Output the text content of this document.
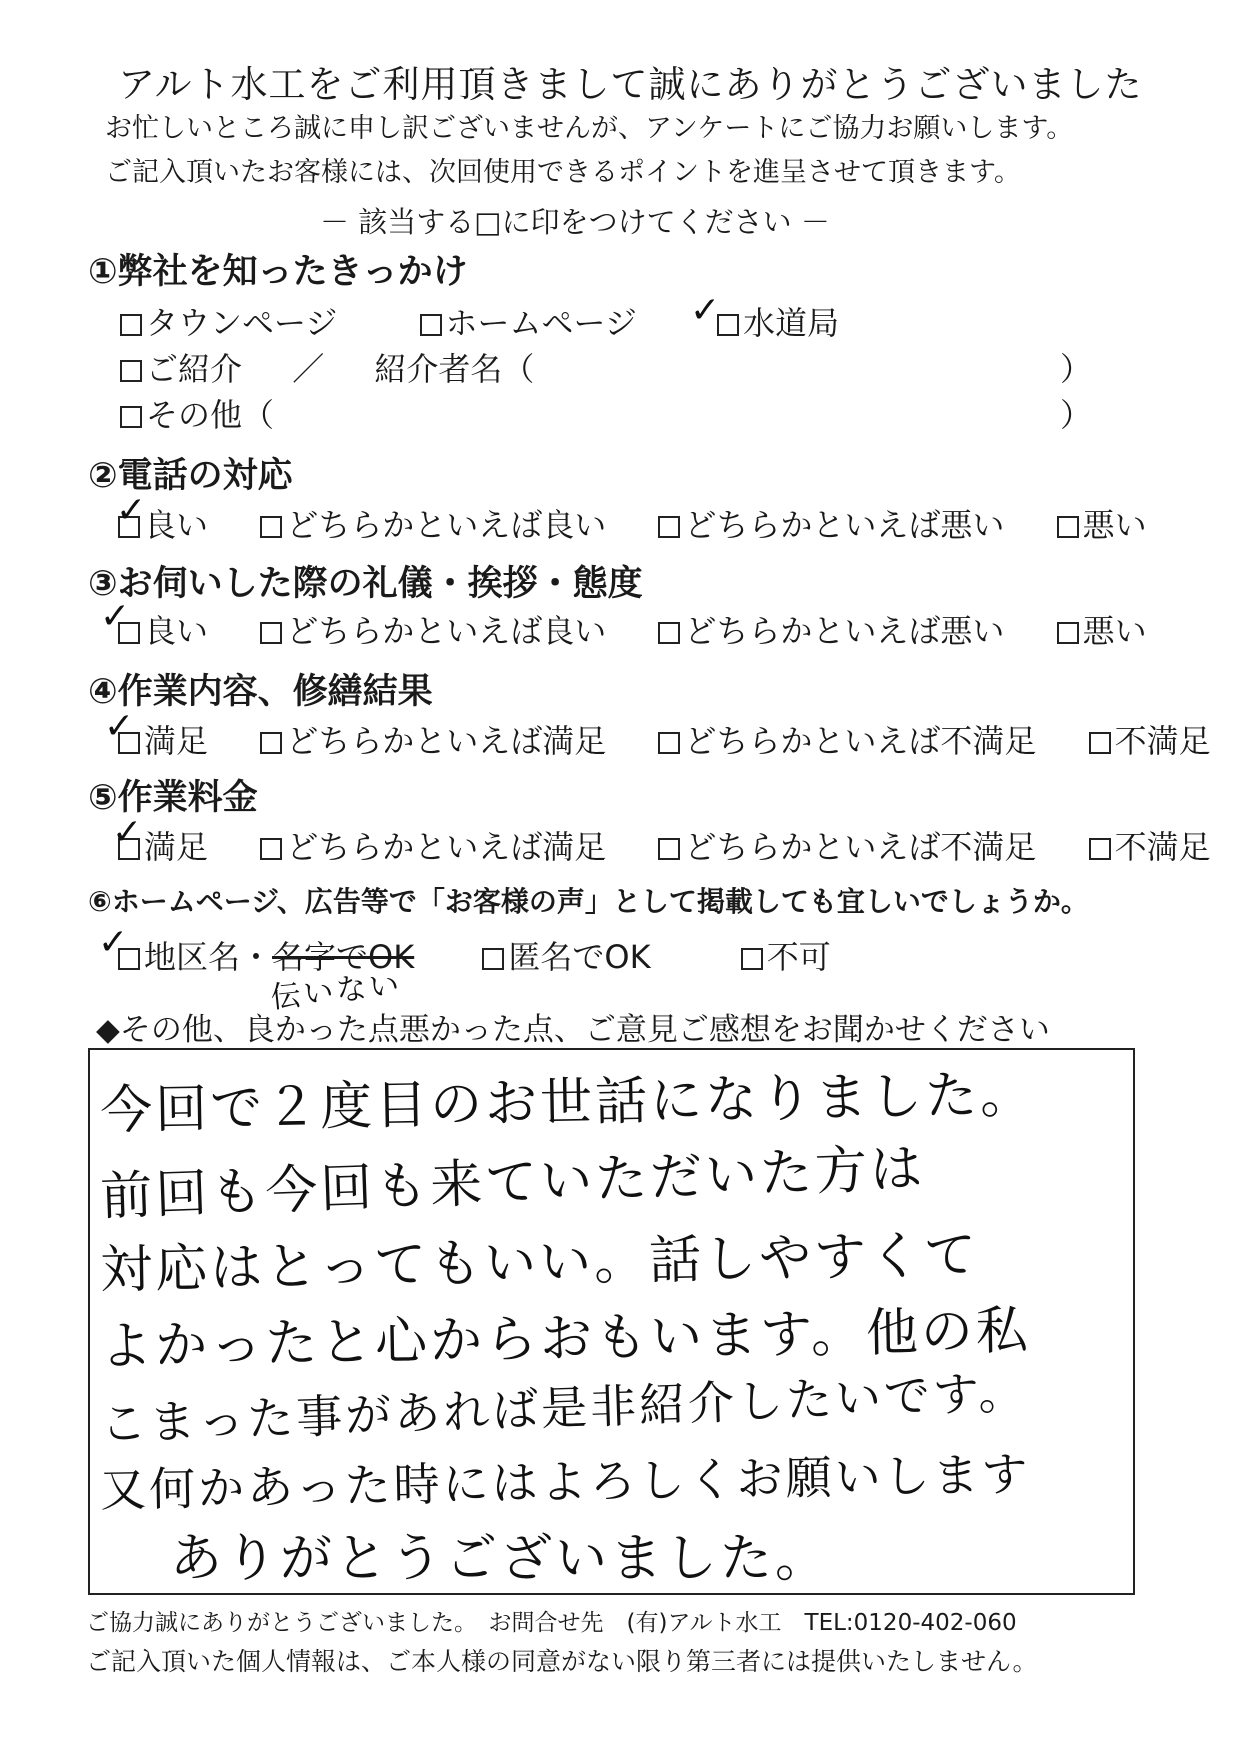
アルト水工をご利用頂きまして誠にありがとうございました
お忙しいところ誠に申し訳ございませんが、アンケートにご協力お願いします。
ご記入頂いたお客様には、次回使用できるポイントを進呈させて頂きます。
－ 該当する□に印をつけてください －
①弊社を知ったきっかけ
タウンページ	ホームページ	水道局
✓
ご紹介 ／ 紹介者名（	）
その他（	）
②電話の対応
良い どちらかといえば良い どちらかといえば悪い 悪い
✓
③お伺いした際の礼儀・挨拶・態度
良い どちらかといえば良い どちらかといえば悪い 悪い
✓
④作業内容、修繕結果
満足 どちらかといえば満足 どちらかといえば不満足 不満足
✓
⑤作業料金
満足 どちらかといえば満足 どちらかといえば不満足 不満足
✓
⑥ホームページ、広告等で「お客様の声」として掲載しても宜しいでしょうか。
地区名・名字でOK	匿名でOK	不可
✓
伝いない
◆その他、良かった点悪かった点、ご意見ご感想をお聞かせください
今回で２度目のお世話になりました。
前回も今回も来ていただいた方は
対応はとってもいい。話しやすくて
よかったと心からおもいます。他の私
こまった事があれば是非紹介したいです。
又何かあった時にはよろしくお願いします
ありがとうございました。
ご協力誠にありがとうございました。　お問合せ先　(有)アルト水工　TEL:0120-402-060
ご記入頂いた個人情報は、ご本人様の同意がない限り第三者には提供いたしません。
